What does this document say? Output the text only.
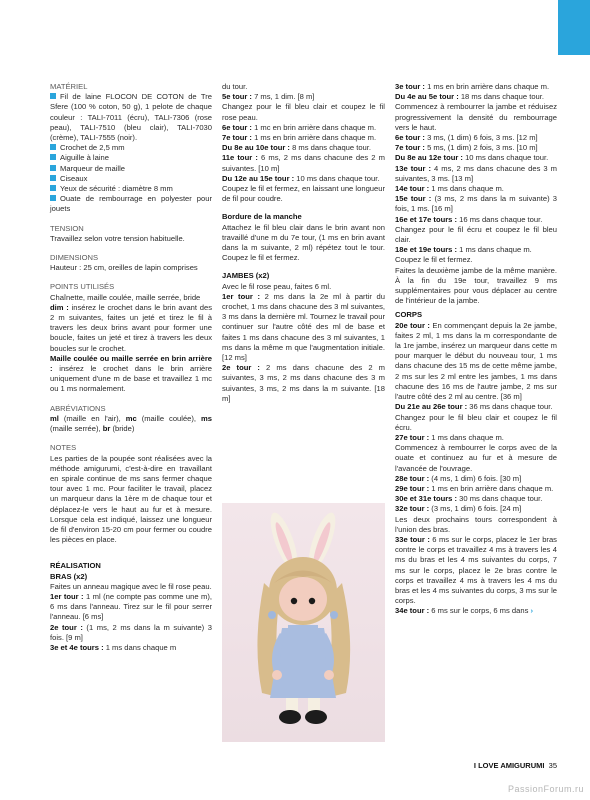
MATÉRIEL
Fil de laine FLOCON DE COTON de Tre Sfere (100 % coton, 50 g), 1 pelote de chaque couleur : TALI-7011 (écru), TALI-7306 (rose peau), TALI-7510 (bleu clair), TALI-7030 (crème), TALI-7555 (noir).
Crochet de 2,5 mm
Aiguille à laine
Marqueur de maille
Ciseaux
Yeux de sécurité : diamètre 8 mm
Ouate de rembourrage en polyester pour jouets
TENSION

Travaillez selon votre tension habituelle.

DIMENSIONS

Hauteur : 25 cm, oreilles de lapin comprises

POINTS UTILISÉS

Chaînette, maille coulée, maille serrée, bride

dim : insérez le crochet dans le brin avant des 2 m suivantes, faites un jeté et tirez le fil à travers les deux brins avant pour former une boucle, faites un jeté et tirez à travers les deux boucles sur le crochet.

Maille coulée ou maille serrée en brin arrière : insérez le crochet dans le brin arrière uniquement d'une m de base et travaillez 1 mc ou 1 ms normalement.

ABRÉVIATIONS

ml (maille en l'air), mc (maille coulée), ms (maille serrée), br (bride)

NOTES

Les parties de la poupée sont réalisées avec la méthode amigurumi, c'est-à-dire en travaillant en spirale continue de ms sans fermer chaque tour avec 1 mc. Pour faciliter le travail, placez un marqueur dans la 1ère m de chaque tour et déplacez-le vers le haut au fur et à mesure. Lorsque cela est indiqué, laissez une longueur de fil d'environ 15-20 cm pour fermer ou coudre les pièces en place.

RÉALISATION
BRAS (x2)

Faites un anneau magique avec le fil rose peau.

1er tour : 1 ml (ne compte pas comme une m), 6 ms dans l'anneau. Tirez sur le fil pour serrer l'anneau. [6 ms]

2e tour : (1 ms, 2 ms dans la m suivante) 3 fois. [9 m]

3e et 4e tours : 1 ms dans chaque m

du tour.

5e tour : 7 ms, 1 dim. [8 m]

Changez pour le fil bleu clair et coupez le fil rose peau.

6e tour : 1 mc en brin arrière dans chaque m.

7e tour : 1 ms en brin arrière dans chaque m.

Du 8e au 10e tour : 8 ms dans chaque tour.

11e tour : 6 ms, 2 ms dans chacune des 2 m suivantes. [10 m]

Du 12e au 15e tour : 10 ms dans chaque tour.

Coupez le fil et fermez, en laissant une longueur de fil pour coudre.

Bordure de la manche

Attachez le fil bleu clair dans le brin avant non travaillé d'une m du 7e tour, (1 ms en brin avant dans la m suivante, 2 ml) répétez tout le tour. Coupez le fil et fermez.

JAMBES (x2)

Avec le fil rose peau, faites 6 ml.

1er tour : 2 ms dans la 2e ml à partir du crochet, 1 ms dans chacune des 3 ml suivantes, 3 ms dans la dernière ml. Tournez le travail pour continuer sur l'autre côté des ml de base et faites 1 ms dans chacune des 3 ml suivantes, 1 ms dans la même m que l'augmentation initiale. [12 ms]

2e tour : 2 ms dans chacune des 2 m suivantes, 3 ms, 2 ms dans chacune des 3 m suivantes, 3 ms, 2 ms dans la m suivante. [18 m]

3e tour : 1 ms en brin arrière dans chaque m.

Du 4e au 5e tour : 18 ms dans chaque tour.

Commencez à rembourrer la jambe et réduisez progressivement la densité du rembourrage vers le haut.

6e tour : 3 ms, (1 dim) 6 fois, 3 ms. [12 m]

7e tour : 5 ms, (1 dim) 2 fois, 3 ms. [10 m]

Du 8e au 12e tour : 10 ms dans chaque tour.

13e tour : 4 ms, 2 ms dans chacune des 3 m suivantes, 3 ms. [13 m]

14e tour : 1 ms dans chaque m.

15e tour : (3 ms, 2 ms dans la m suivante) 3 fois, 1 ms. [16 m]

16e et 17e tours : 16 ms dans chaque tour.

Changez pour le fil écru et coupez le fil bleu clair.

18e et 19e tours : 1 ms dans chaque m.

Coupez le fil et fermez.

Faites la deuxième jambe de la même manière. À la fin du 19e tour, travaillez 9 ms supplémentaires pour vous déplacer au centre de l'intérieur de la jambe.

CORPS

20e tour : En commençant depuis la 2e jambe, faites 2 ml, 1 ms dans la m correspondante de la 1re jambe, insérez un marqueur dans cette m pour marquer le début du nouveau tour, 1 ms dans chacune des 15 ms de cette même jambe, 2 ms sur les 2 ml entre les jambes, 1 ms dans chacune des 16 ms de l'autre jambe, 2 ms sur l'autre côté des 2 ml au centre. [36 m]

Du 21e au 26e tour : 36 ms dans chaque tour.

Changez pour le fil bleu clair et coupez le fil écru.

27e tour : 1 ms dans chaque m.

Commencez à rembourrer le corps avec de la ouate et continuez au fur et à mesure de l'avancée de l'ouvrage.

28e tour : (4 ms, 1 dim) 6 fois. [30 m]

29e tour : 1 ms en brin arrière dans chaque m.

30e et 31e tours : 30 ms dans chaque tour.

32e tour : (3 ms, 1 dim) 6 fois. [24 m]

Les deux prochains tours correspondent à l'union des bras.

33e tour : 6 ms sur le corps, placez le 1er bras contre le corps et travaillez 4 ms à travers les 4 ms du bras et les 4 ms suivantes du corps, 7 ms sur le corps, placez le 2e bras contre le corps et travaillez 4 ms à travers les 4 ms du bras et les 4 ms suivantes du corps, 3 ms sur le corps.

34e tour : 6 ms sur le corps, 6 ms dans ›

I LOVE AMIGURUMI 35
PassionForum.ru
